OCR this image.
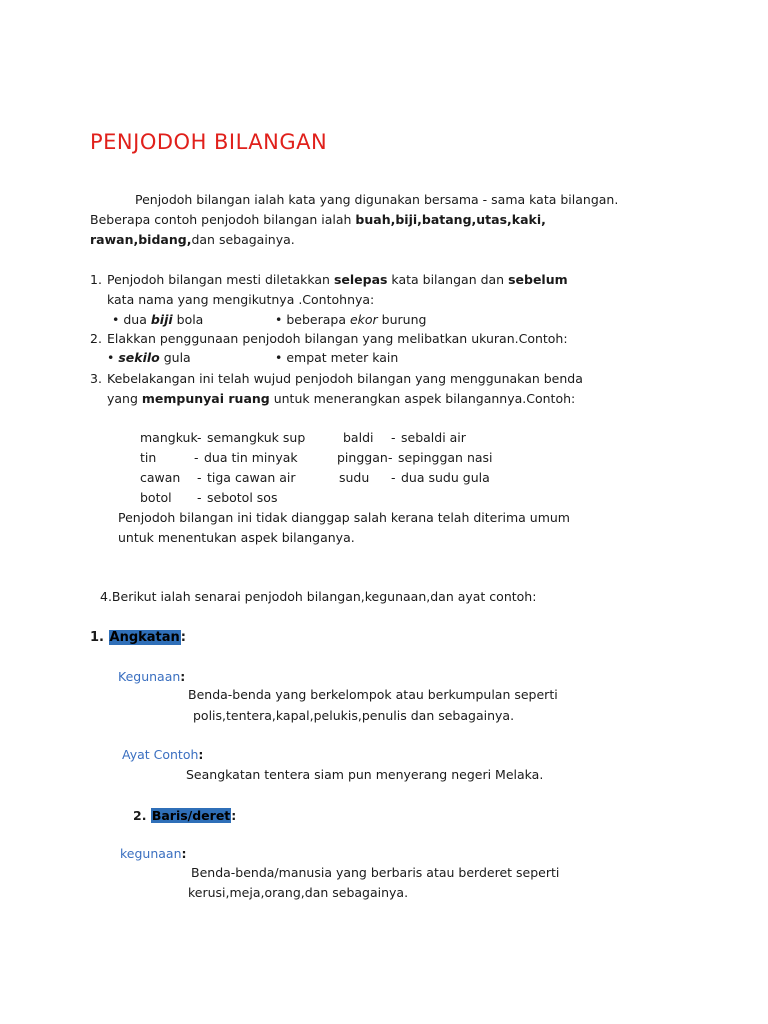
PENJODOH BILANGAN
Penjodoh bilangan ialah kata yang digunakan bersama - sama kata bilangan.
Beberapa contoh penjodoh bilangan ialah buah,biji,batang,utas,kaki,
rawan,bidang,dan sebagainya.
1. Penjodoh bilangan mesti diletakkan selepas kata bilangan dan sebelum
kata nama yang mengikutnya .Contohnya:
• dua biji bola	• beberapa ekor burung
2. Elakkan penggunaan penjodoh bilangan yang melibatkan ukuran.Contoh:
• sekilo gula	• empat meter kain
3. Kebelakangan ini telah wujud penjodoh bilangan yang menggunakan benda
yang mempunyai ruang untuk menerangkan aspek bilangannya.Contoh:
mangkuk - semangkuk sup	baldi - sebaldi air
tin	- dua tin minyak	pinggan - sepinggan nasi
cawan - tiga cawan air	sudu - dua sudu gula
botol - sebotol sos
Penjodoh bilangan ini tidak dianggap salah kerana telah diterima umum
untuk menentukan aspek bilanganya.
4.Berikut ialah senarai penjodoh bilangan,kegunaan,dan ayat contoh:
1. Angkatan:
Kegunaan:
Benda-benda yang berkelompok atau berkumpulan seperti
polis,tentera,kapal,pelukis,penulis dan sebagainya.
Ayat Contoh:
Seangkatan tentera siam pun menyerang negeri Melaka.
2. Baris/deret:
kegunaan:
Benda-benda/manusia yang berbaris atau berderet seperti
kerusi,meja,orang,dan sebagainya.
